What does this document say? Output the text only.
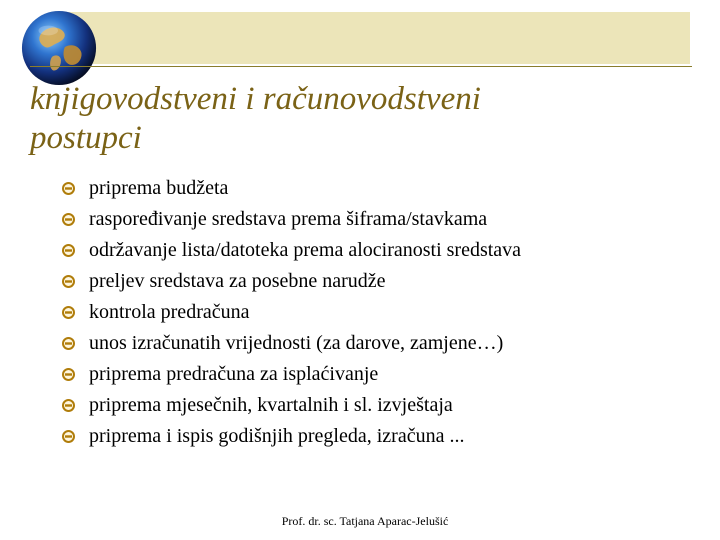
knjigovodstveni i računovodstveni
postupci
priprema budžeta
raspoređivanje sredstava prema šiframa/stavkama
održavanje lista/datoteka prema alociranosti sredstava
preljev sredstava za posebne narudže
kontrola predračuna
unos izračunatih vrijednosti (za darove, zamjene…)
priprema predračuna za isplaćivanje
priprema mjesečnih, kvartalnih i sl. izvještaja
priprema i ispis godišnjih pregleda, izračuna ...
Prof. dr. sc. Tatjana Aparac-Jelušić
